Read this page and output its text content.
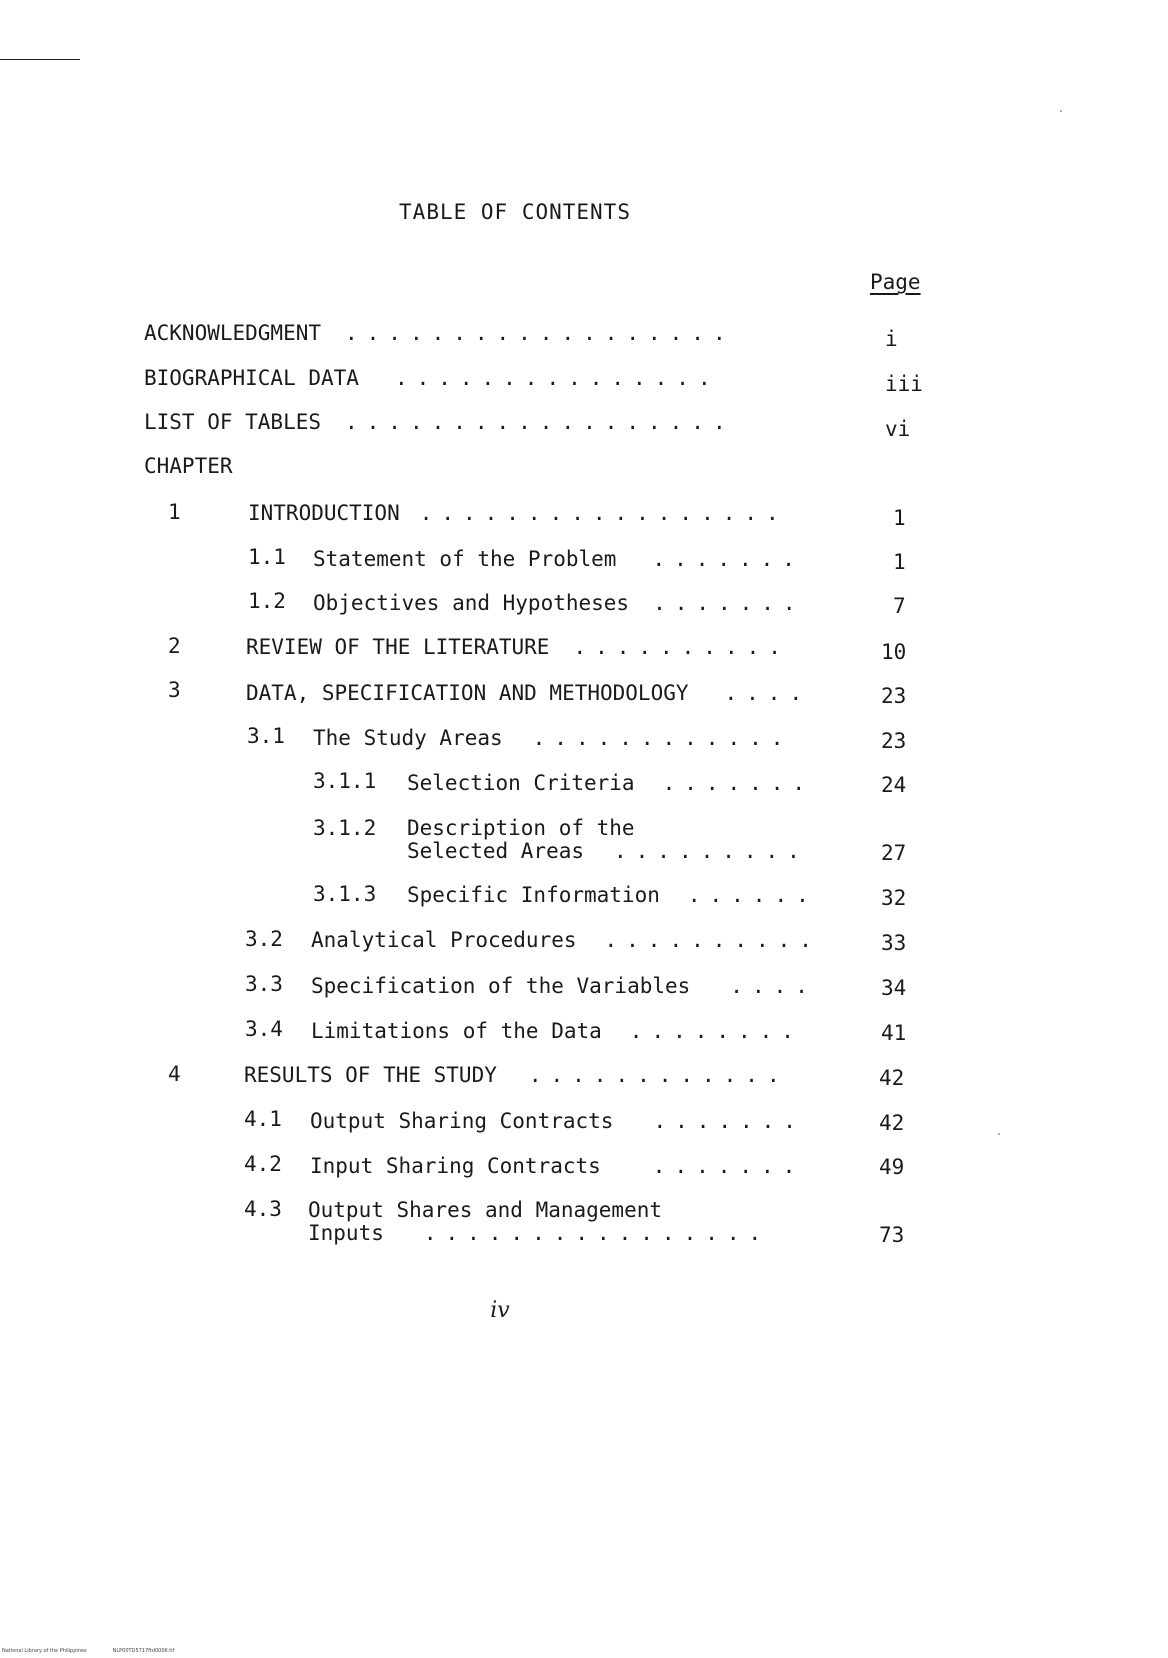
TABLE OF CONTENTS
Page
ACKNOWLEDGMENT ..................	i
BIOGRAPHICAL DATA ...............	iii
LIST OF TABLES ..................	vi
CHAPTER
1	INTRODUCTION .................	1
1.1 Statement of the Problem .......	1
1.2 Objectives and Hypotheses .......	7
2	REVIEW OF THE LITERATURE ..........	10
3	DATA, SPECIFICATION AND METHODOLOGY ....	23
3.1 The Study Areas ............	23
3.1.1 Selection Criteria .......	24
3.1.2 Description of the
Selected Areas .........	27
3.1.3 Specific Information ......	32
3.2 Analytical Procedures ..........	33
3.3 Specification of the Variables ....	34
3.4 Limitations of the Data ........	41
4	RESULTS OF THE STUDY ............	42
4.1 Output Sharing Contracts .......	42
4.2 Input Sharing Contracts .......	49
4.3 Output Shares and Management
Inputs ................	73
iv
National Library of the Philippines	NLP00TD5717ftd0006.tif
